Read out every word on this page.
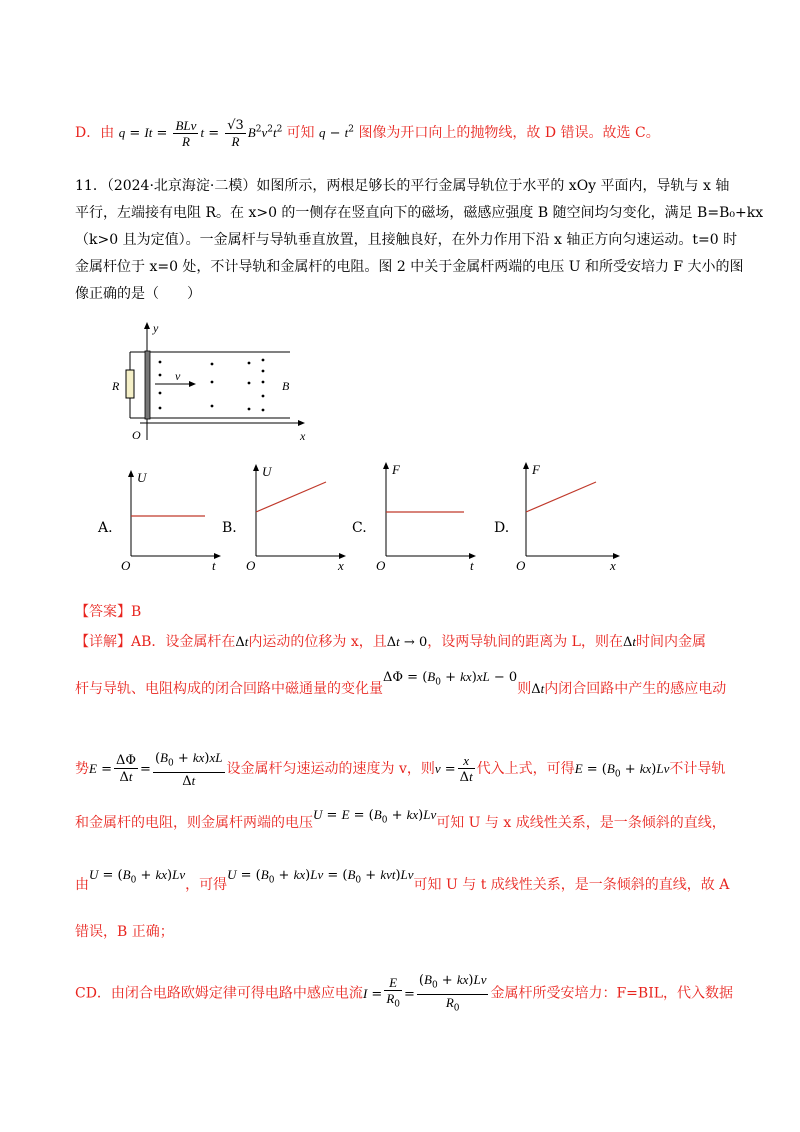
D．由 $q = It = \frac{\text{BLv}}{R}$ $t = \frac{√3}{R} B^2v^2t^2$ 可知 $q - t^2$ 图像为开口向上的抛物线，故 D 错误。故选 C。
11．（2024·北京海淀·二模）如图所示，两根足够长的平行金属导轨位于水平的 xOy 平面内，导轨与 x 轴
平行，左端接有电阻 R。在 x>0 的一侧存在竖直向下的磁场，磁感应强度 B 随空间均匀变化，满足 B=B₀+kx
（k>0 且为定值）。一金属杆与导轨垂直放置，且接触良好，在外力作用下沿 x 轴正方向匀速运动。t=0 时
金属杆位于 x=0 处，不计导轨和金属杆的电阻。图 2 中关于金属杆两端的电压 U 和所受安培力 F 大小的图
像正确的是（　　）
y
x
O
R
v
B
A.
U
t
O
B.
U
x
O
C.
F
t
O
D.
F
x
O
【答案】B
【详解】AB．设金属杆在Δt内运动的位移为 x，且Δt → 0，设两导轨间的距离为 L，则在Δt时间内金属
杆与导轨、电阻构成的闭合回路中磁通量的变化量$\Delta\Phi = (B_0 + kx)xL - 0$则Δt内闭合回路中产生的感应电动
势$E = \frac{\Delta\Phi}{\Delta t} = \frac{(B_0 + kx)xL}{\Delta t}$ 设金属杆匀速运动的速度为 v，则$v = \frac{x}{\Delta t}$ 代入上式，可得$E = (B_0 + kx)Lv$不计导轨
和金属杆的电阻，则金属杆两端的电压$U = E = (B_0 + kx)Lv$可知 U 与 x 成线性关系，是一条倾斜的直线，
由$U = (B_0 + kx)Lv$，可得$U = (B_0 + kx)Lv = (B_0 + kvt)Lv$可知 U 与 t 成线性关系，是一条倾斜的直线，故 A
错误，B 正确；
CD．由闭合电路欧姆定律可得电路中感应电流$I = \frac{E}{R_0} = \frac{(B_0 + kx)Lv}{R_0}$ 金属杆所受安培力：F=BIL，代入数据
